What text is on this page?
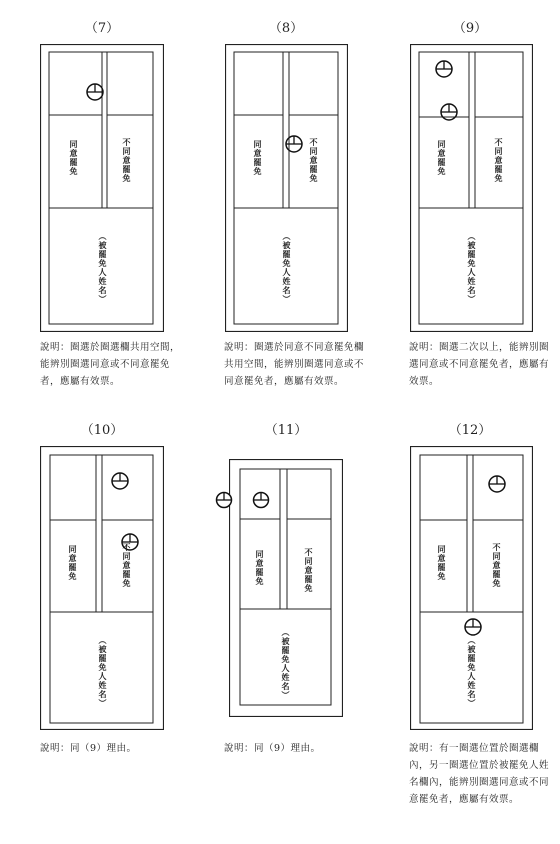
（7）
同意罷免	不同意罷免
（被罷免人姓名）
說明：圈選於圈選欄共用空間，能辨別圈選同意或不同意罷免者，應屬有效票。
（8）
同意罷免	不同意罷免
（被罷免人姓名）
說明：圈選於同意不同意罷免欄共用空間，能辨別圈選同意或不同意罷免者，應屬有效票。
（9）
同意罷免	不同意罷免
（被罷免人姓名）
說明：圈選二次以上，能辨別圈選同意或不同意罷免者，應屬有效票。
（10）
同意罷免	不同意罷免
（被罷免人姓名）
說明：同（9）理由。
（11）
同意罷免	不同意罷免
（被罷免人姓名）
說明：同（9）理由。
（12）
同意罷免	不同意罷免
（被罷免人姓名）
說明：有一圈選位置於圈選欄內，另一圈選位置於被罷免人姓名欄內，能辨別圈選同意或不同意罷免者，應屬有效票。
